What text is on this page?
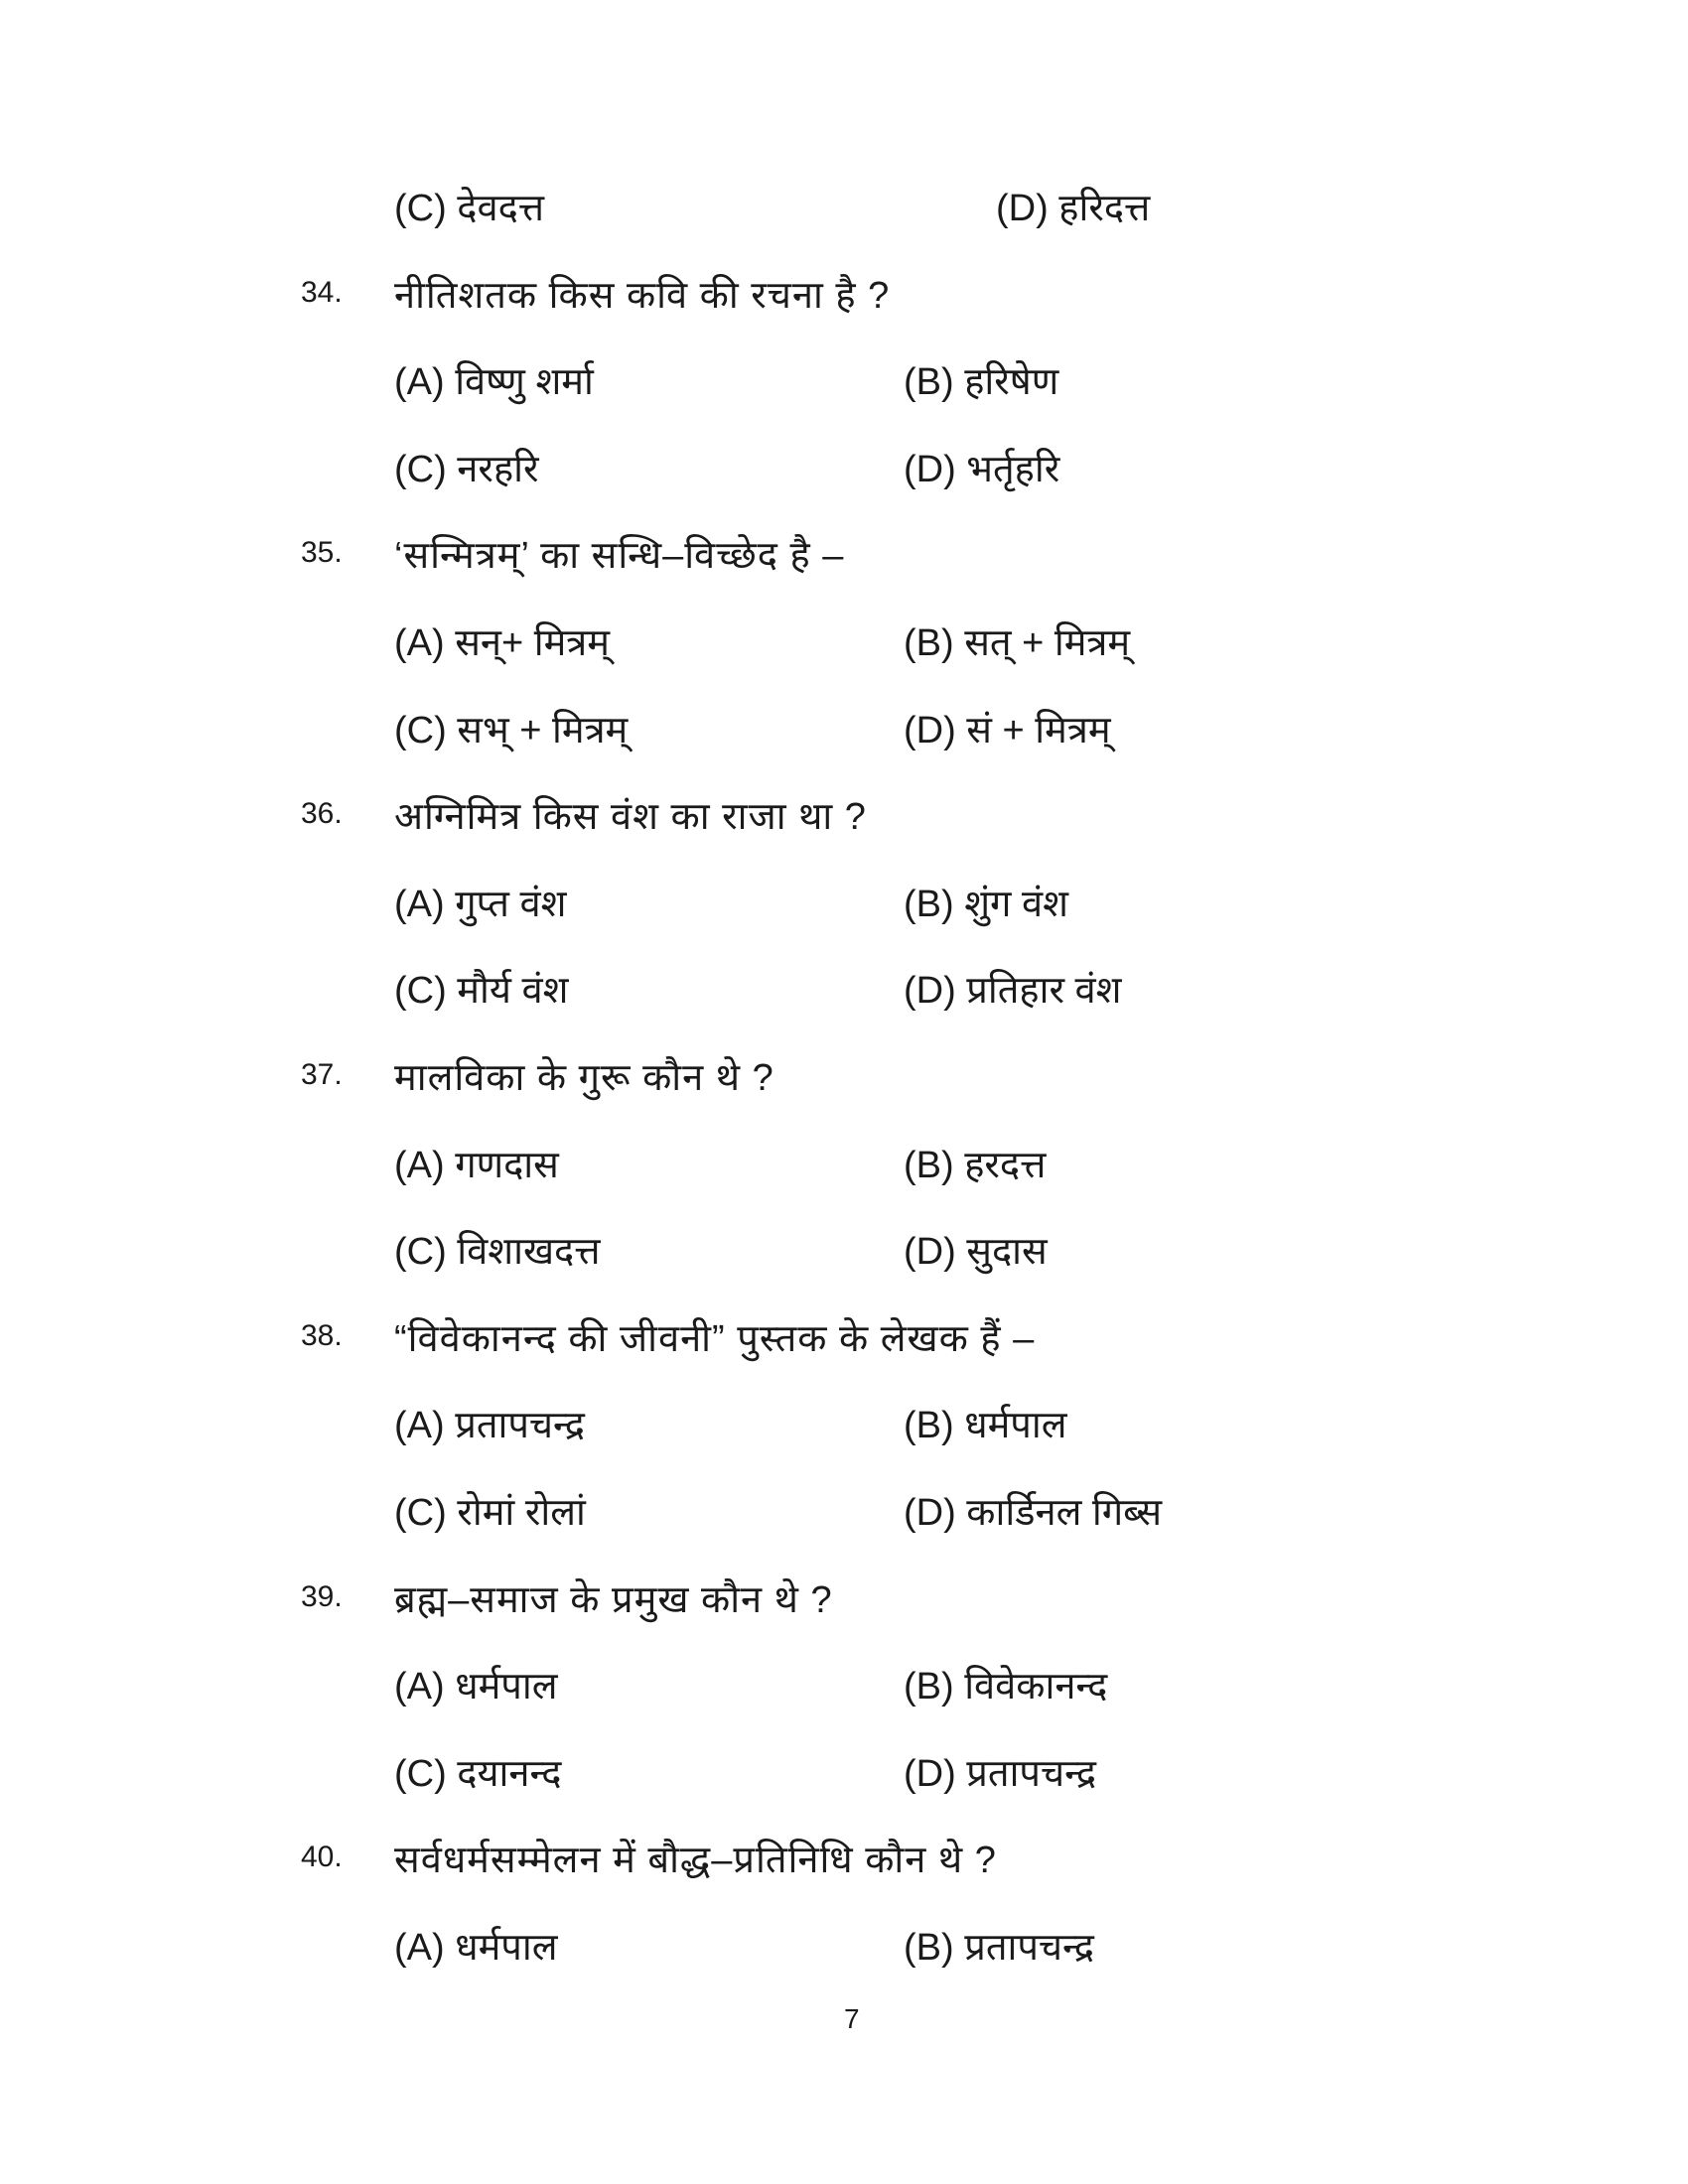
(C) देवदत्त	(D) हरिदत्त
34. नीतिशतक किस कवि की रचना है ?
(A) विष्णु शर्मा	(B) हरिषेण
(C) नरहरि	(D) भर्तृहरि
35. ‘सन्मित्रम्’ का सन्धि–विच्छेद है –
(A) सन्+ मित्रम्	(B) सत् + मित्रम्
(C) सभ् + मित्रम्	(D) सं + मित्रम्
36. अग्निमित्र किस वंश का राजा था ?
(A) गुप्त वंश	(B) शुंग वंश
(C) मौर्य वंश	(D) प्रतिहार वंश
37. मालविका के गुरू कौन थे ?
(A) गणदास	(B) हरदत्त
(C) विशाखदत्त	(D) सुदास
38. “विवेकानन्द की जीवनी” पुस्तक के लेखक हैं –
(A) प्रतापचन्द्र	(B) धर्मपाल
(C) रोमां रोलां	(D) कार्डिनल गिब्स
39. ब्रह्म–समाज के प्रमुख कौन थे ?
(A) धर्मपाल	(B) विवेकानन्द
(C) दयानन्द	(D) प्रतापचन्द्र
40. सर्वधर्मसम्मेलन में बौद्ध–प्रतिनिधि कौन थे ?
(A) धर्मपाल	(B) प्रतापचन्द्र
7
